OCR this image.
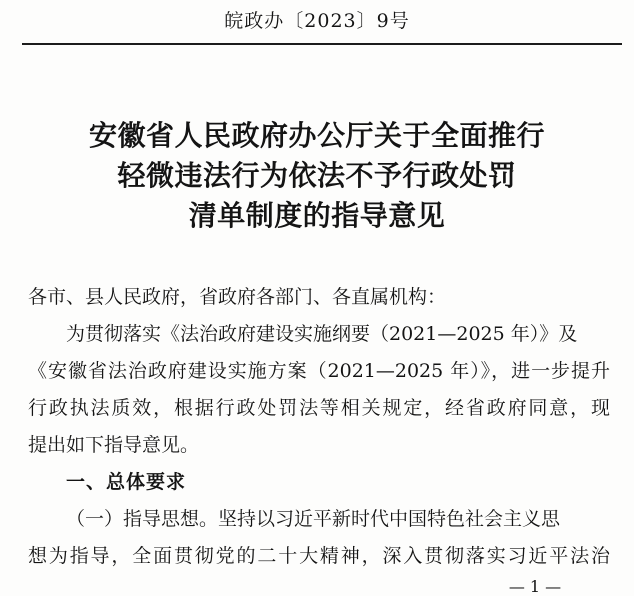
皖政办〔2023〕9号
安徽省人民政府办公厅关于全面推行
轻微违法行为依法不予行政处罚
清单制度的指导意见
各市、县人民政府，省政府各部门、各直属机构：
为贯彻落实《法治政府建设实施纲要（2021—2025 年）》及
《安徽省法治政府建设实施方案（2021—2025 年）》，进一步提升
行政执法质效，根据行政处罚法等相关规定，经省政府同意，现
提出如下指导意见。
一、总体要求
（一）指导思想。坚持以习近平新时代中国特色社会主义思
想为指导，全面贯彻党的二十大精神，深入贯彻落实习近平法治
— 1 —
